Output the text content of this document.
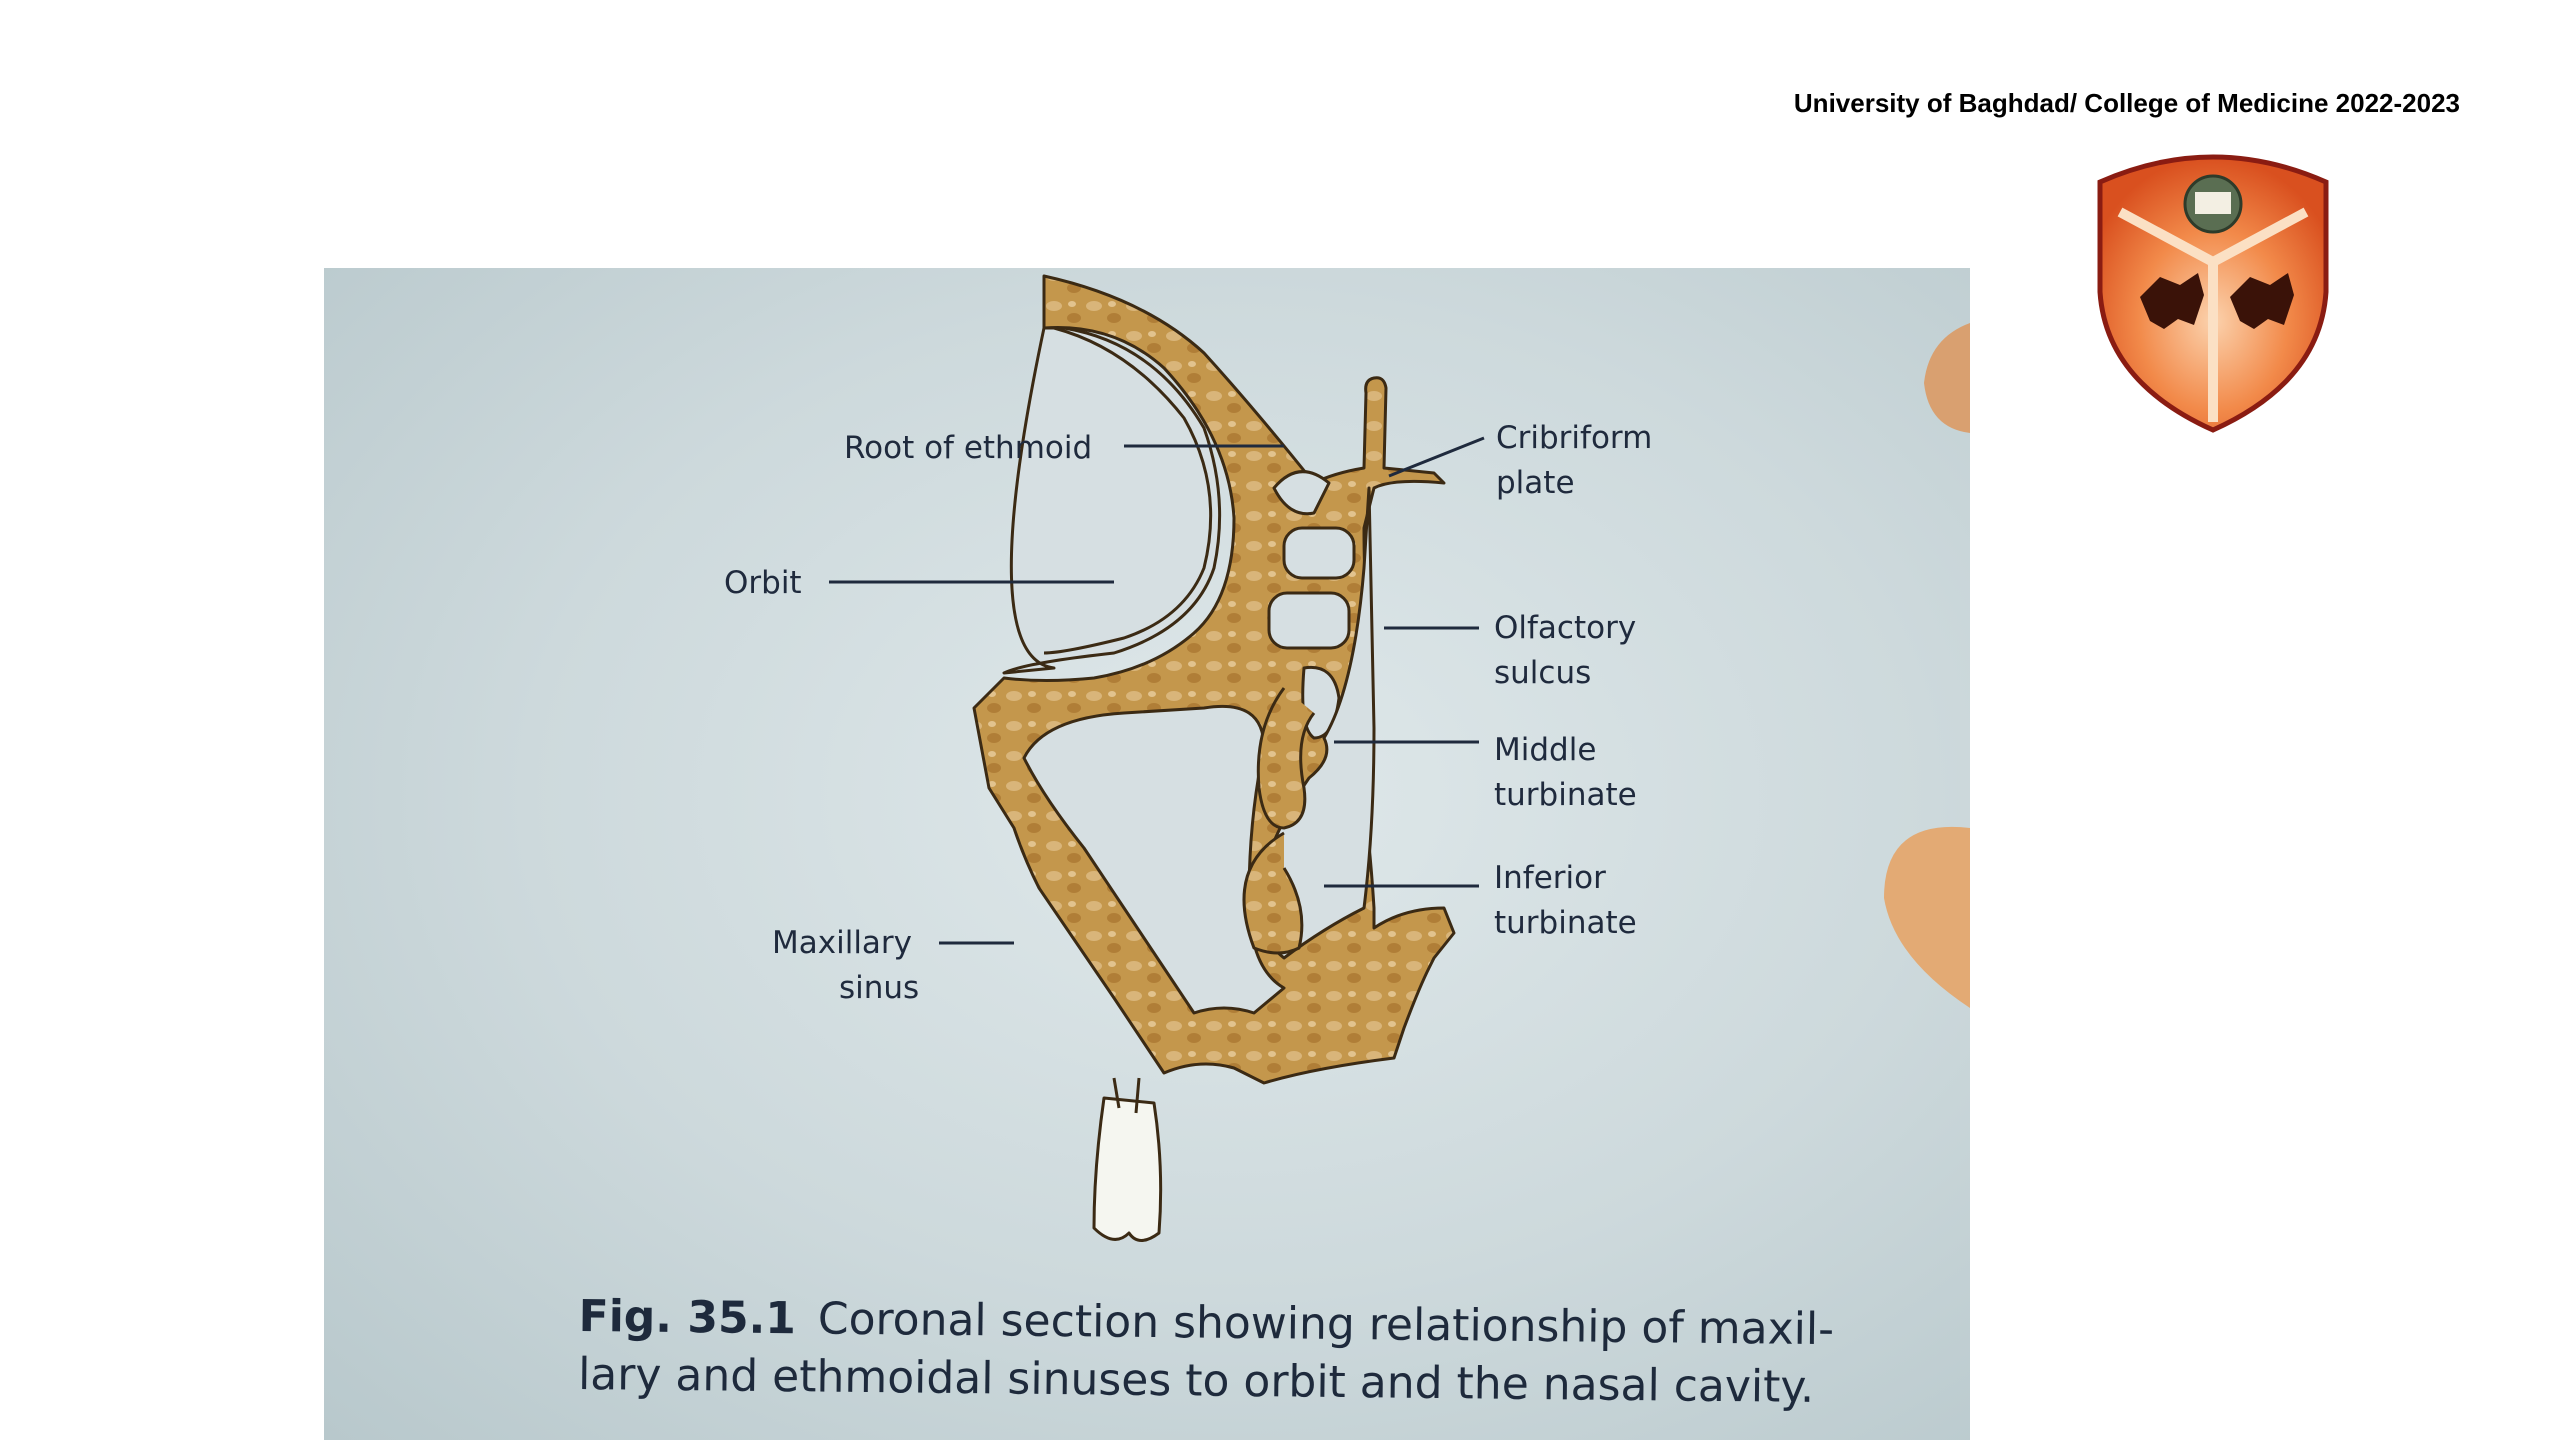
University of Baghdad/ College of Medicine 2022-2023
Root of ethmoid
Orbit
Maxillary
sinus
Cribriform
plate
Olfactory
sulcus
Middle
turbinate
Inferior
turbinate
Fig. 35.1 Coronal section showing relationship of maxil-lary and ethmoidal sinuses to orbit and the nasal cavity.
